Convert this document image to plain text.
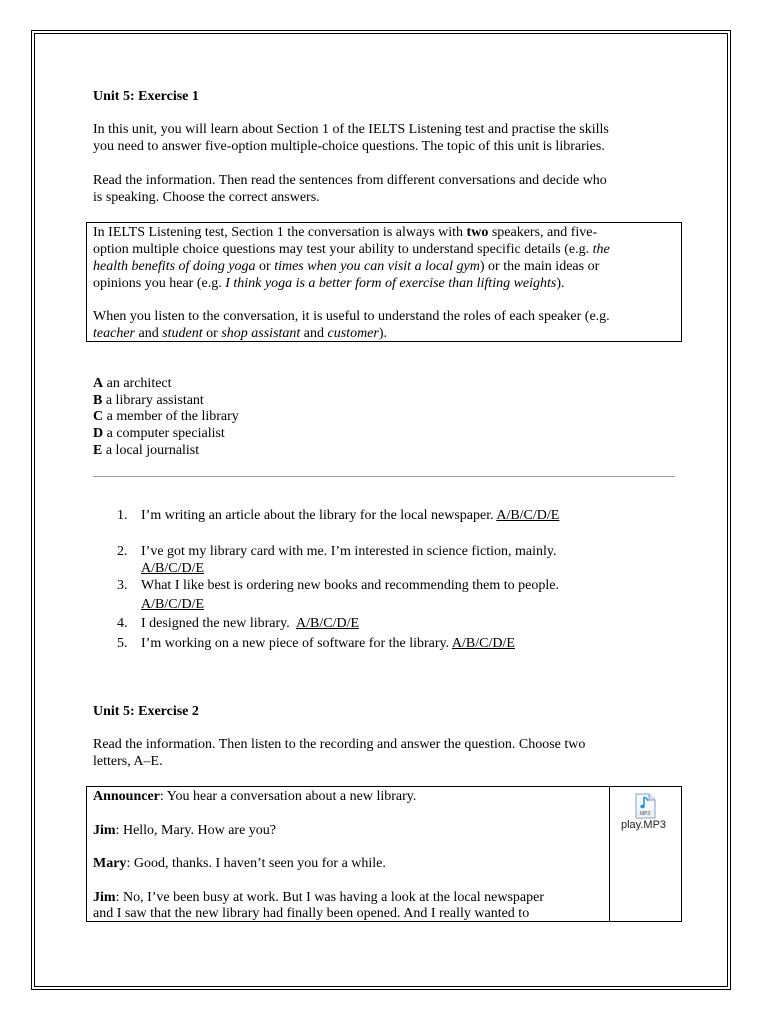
Unit 5: Exercise 1
In this unit, you will learn about Section 1 of the IELTS Listening test and practise the skills
you need to answer five-option multiple-choice questions. The topic of this unit is libraries.
Read the information. Then read the sentences from different conversations and decide who
is speaking. Choose the correct answers.
In IELTS Listening test, Section 1 the conversation is always with two speakers, and five-
option multiple choice questions may test your ability to understand specific details (e.g. the
health benefits of doing yoga or times when you can visit a local gym) or the main ideas or
opinions you hear (e.g. I think yoga is a better form of exercise than lifting weights).
When you listen to the conversation, it is useful to understand the roles of each speaker (e.g.
teacher and student or shop assistant and customer).
A an architect
B a library assistant
C a member of the library
D a computer specialist
E a local journalist
1. I’m writing an article about the library for the local newspaper. A/B/C/D/E
2. I’ve got my library card with me. I’m interested in science fiction, mainly.
A/B/C/D/E
3. What I like best is ordering new books and recommending them to people.
A/B/C/D/E
4. I designed the new library.  A/B/C/D/E
5. I’m working on a new piece of software for the library. A/B/C/D/E
Unit 5: Exercise 2
Read the information. Then listen to the recording and answer the question. Choose two
letters, A–E.
Announcer: You hear a conversation about a new library.
Jim: Hello, Mary. How are you?
Mary: Good, thanks. I haven’t seen you for a while.
Jim: No, I’ve been busy at work. But I was having a look at the local newspaper
and I saw that the new library had finally been opened. And I really wanted to
MP3
play.MP3
